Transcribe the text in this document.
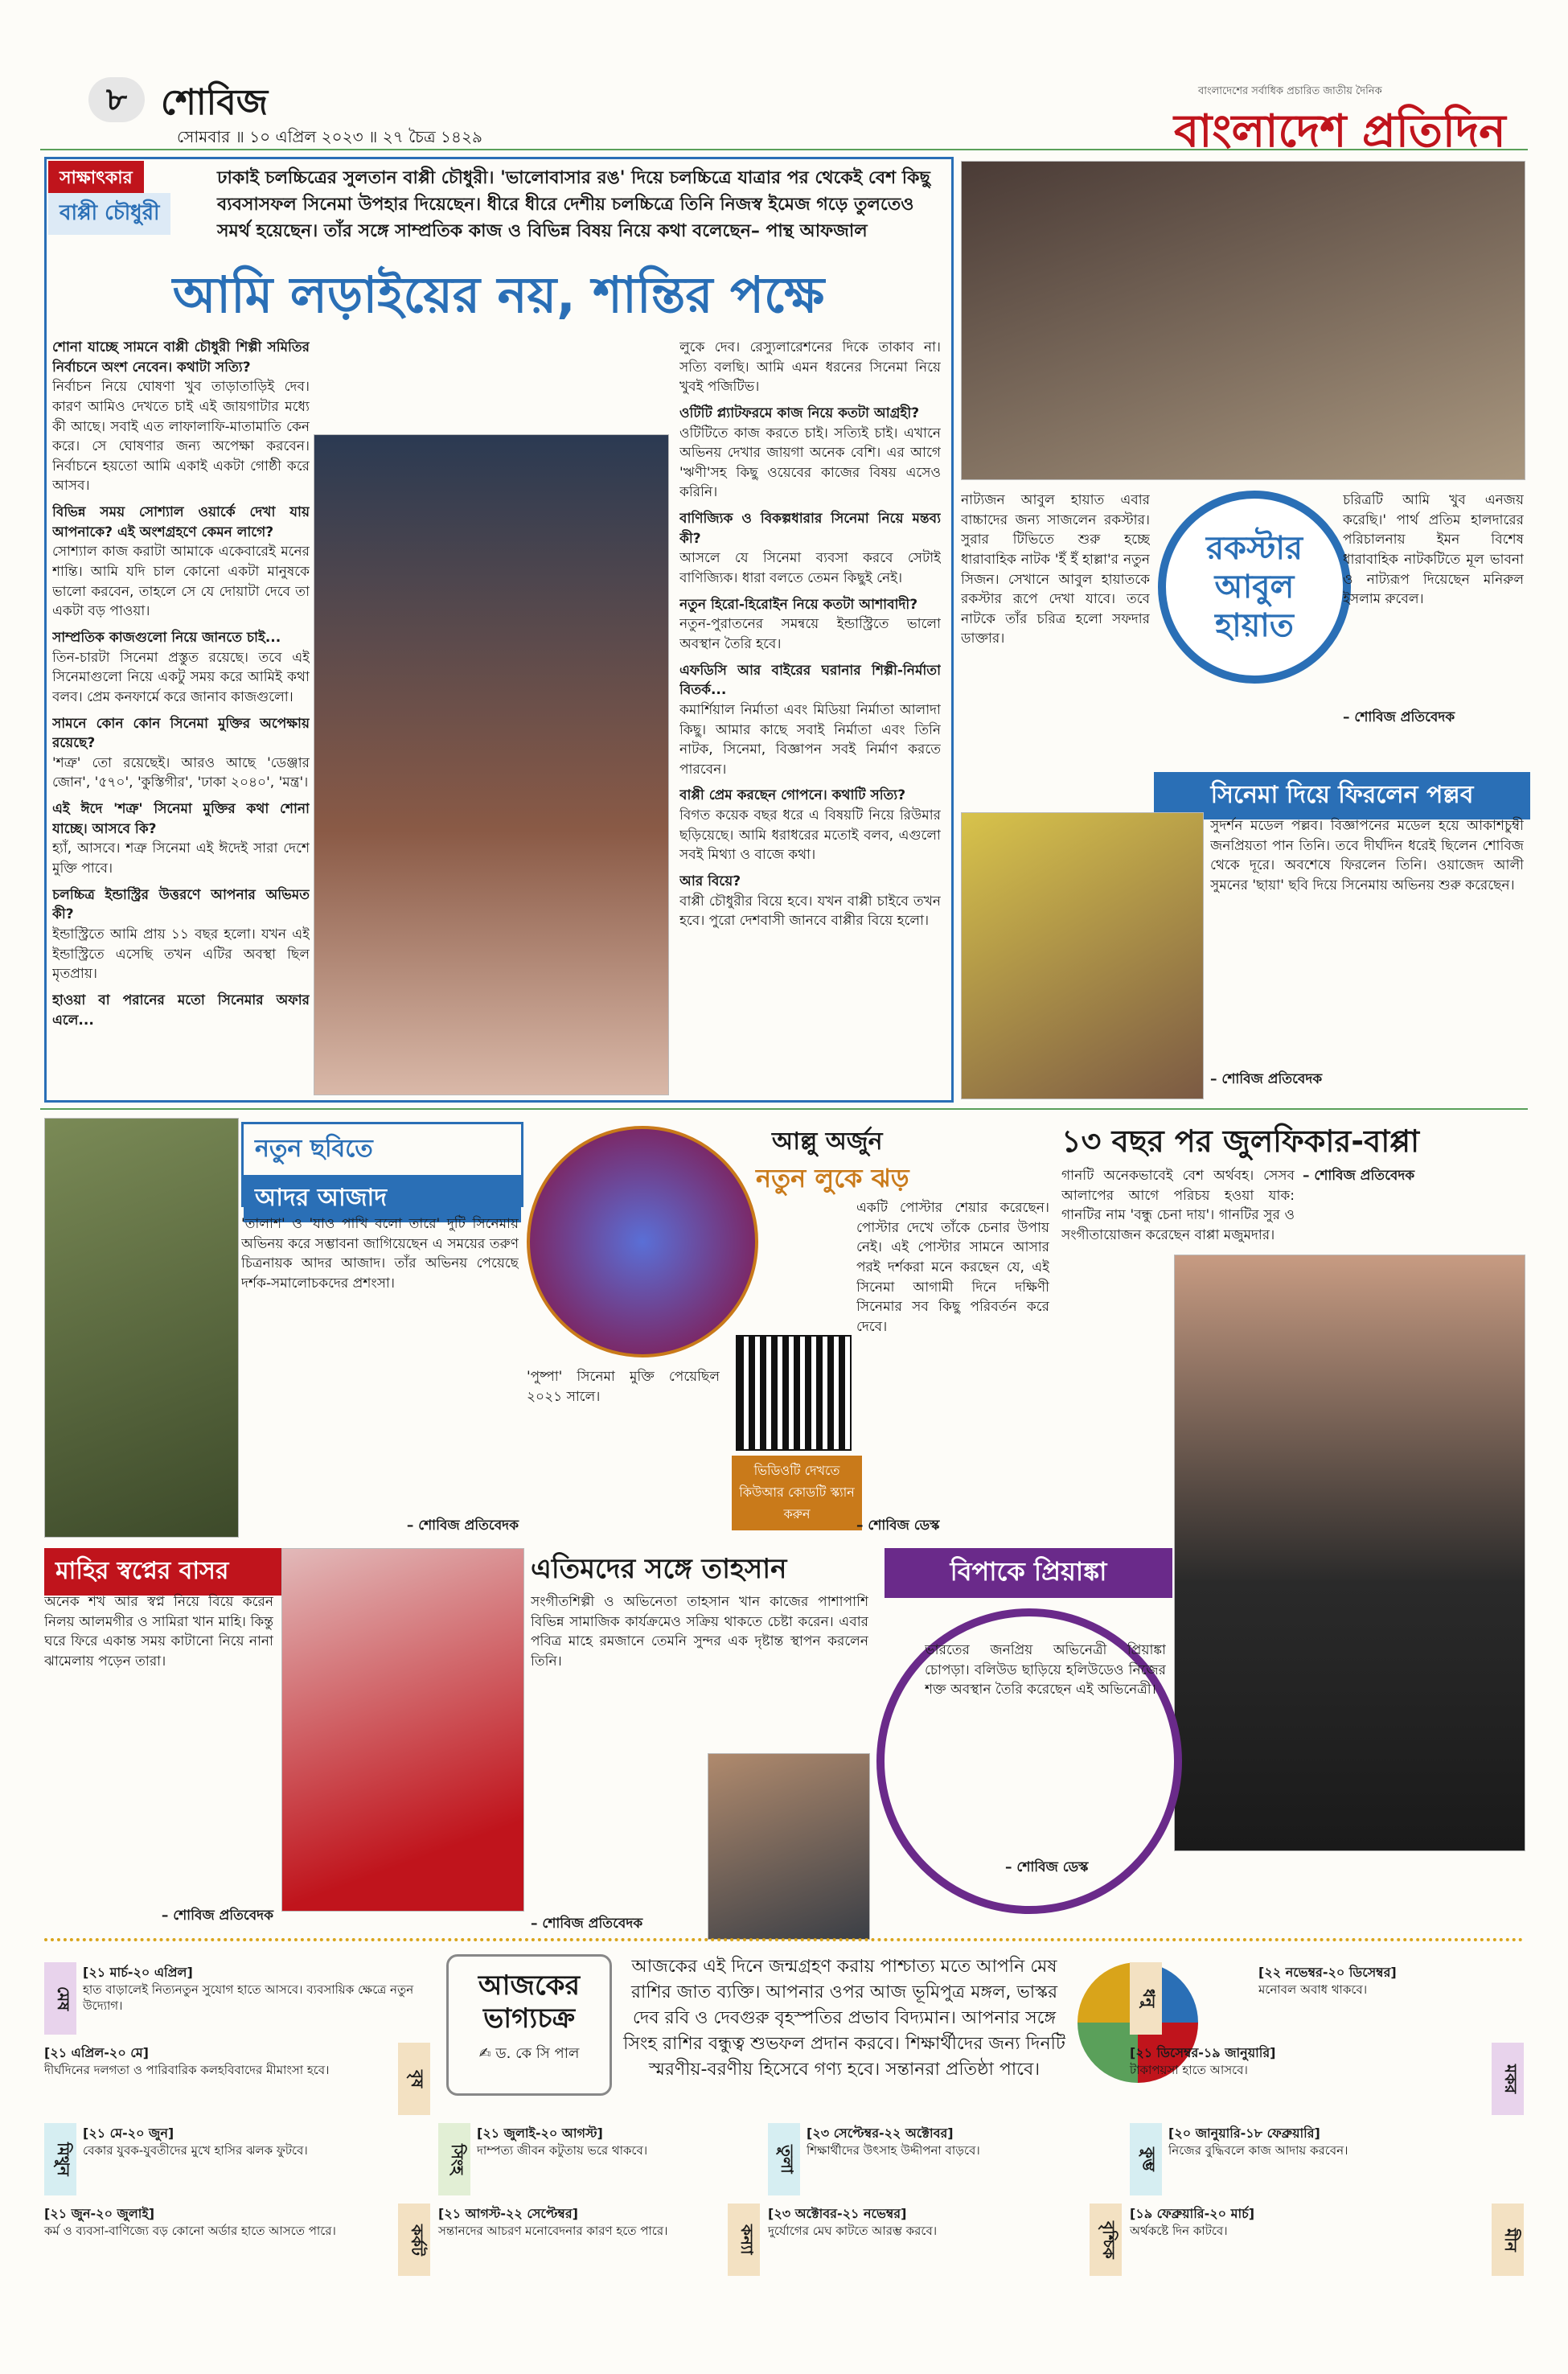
৮ শোবিজ
সোমবার ॥ ১০ এপ্রিল ২০২৩ ॥ ২৭ চৈত্র ১৪২৯
বাংলাদেশের সর্বাধিক প্রচারিত জাতীয় দৈনিক
বাংলাদেশ প্রতিদিন
সাক্ষাৎকার
বাপ্পী চৌধুরী

ঢাকাই চলচ্চিত্রের সুলতান বাপ্পী চৌধুরী। 'ভালোবাসার রঙ' দিয়ে চলচ্চিত্রে যাত্রার পর থেকেই বেশ কিছু ব্যবসাসফল সিনেমা উপহার দিয়েছেন। ধীরে ধীরে দেশীয় চলচ্চিত্রে তিনি নিজস্ব ইমেজ গড়ে তুলতেও সমর্থ হয়েছেন। তাঁর সঙ্গে সাম্প্রতিক কাজ ও বিভিন্ন বিষয় নিয়ে কথা বলেছেন– পান্থ আফজাল

আমি লড়াইয়ের নয়, শান্তির পক্ষে

শোনা যাচ্ছে সামনে বাপ্পী চৌধুরী শিল্পী সমিতির নির্বাচনে অংশ নেবেন। কথাটা সত্যি?

নির্বাচন নিয়ে ঘোষণা খুব তাড়াতাড়িই দেব। কারণ আমিও দেখতে চাই এই জায়গাটার মধ্যে কী আছে। সবাই এত লাফালাফি-মাতামাতি কেন করে। সে ঘোষণার জন্য অপেক্ষা করবেন। নির্বাচনে হয়তো আমি একাই একটা গোষ্ঠী করে আসব।

বিভিন্ন সময় সোশ্যাল ওয়ার্কে দেখা যায় আপনাকে? এই অংশগ্রহণে কেমন লাগে?

সোশ্যাল কাজ করাটা আমাকে একেবারেই মনের শান্তি। আমি যদি চাল কোনো একটা মানুষকে ভালো করবেন, তাহলে সে যে দোয়াটা দেবে তা একটা বড় পাওয়া।

সাম্প্রতিক কাজগুলো নিয়ে জানতে চাই...

তিন-চারটা সিনেমা প্রস্তুত রয়েছে। তবে এই সিনেমাগুলো নিয়ে একটু সময় করে আমিই কথা বলব। প্রেম কনফার্মে করে জানাব কাজগুলো।

সামনে কোন কোন সিনেমা মুক্তির অপেক্ষায় রয়েছে?

'শত্রু' তো রয়েছেই। আরও আছে 'ডেঞ্জার জোন', '৫৭০', 'কুস্তিগীর', 'ঢাকা ২০৪০', 'মন্ত্র'।

এই ঈদে 'শত্রু' সিনেমা মুক্তির কথা শোনা যাচ্ছে। আসবে কি?

হ্যাঁ, আসবে। শত্রু সিনেমা এই ঈদেই সারা দেশে মুক্তি পাবে।

চলচ্চিত্র ইন্ডাস্ট্রির উত্তরণে আপনার অভিমত কী?

ইন্ডাস্ট্রিতে আমি প্রায় ১১ বছর হলো। যখন এই ইন্ডাস্ট্রিতে এসেছি তখন এটির অবস্থা ছিল মৃতপ্রায়।

হাওয়া বা পরানের মতো সিনেমার অফার এলে...

লুকে দেব। রেস্যুলারেশনের দিকে তাকাব না। সত্যি বলছি। আমি এমন ধরনের সিনেমা নিয়ে খুবই পজিটিভ।

ওটিটি প্ল্যাটফরমে কাজ নিয়ে কতটা আগ্রহী?

ওটিটিতে কাজ করতে চাই। সত্যিই চাই। এখানে অভিনয় দেখার জায়গা অনেক বেশি। এর আগে 'ঋণী'সহ কিছু ওয়েবের কাজের বিষয় এসেও করিনি।

বাণিজ্যিক ও বিকল্পধারার সিনেমা নিয়ে মন্তব্য কী?

আসলে যে সিনেমা ব্যবসা করবে সেটাই বাণিজ্যিক। ধারা বলতে তেমন কিছুই নেই।

নতুন হিরো-হিরোইন নিয়ে কতটা আশাবাদী?

নতুন-পুরাতনের সমন্বয়ে ইন্ডাস্ট্রিতে ভালো অবস্থান তৈরি হবে।

এফডিসি আর বাইরের ঘরানার শিল্পী-নির্মাতা বিতর্ক...

কমার্শিয়াল নির্মাতা এবং মিডিয়া নির্মাতা আলাদা কিছু। আমার কাছে সবাই নির্মাতা এবং তিনি নাটক, সিনেমা, বিজ্ঞাপন সবই নির্মাণ করতে পারবেন।

বাপ্পী প্রেম করছেন গোপনে। কথাটি সত্যি?

বিগত কয়েক বছর ধরে এ বিষয়টি নিয়ে রিউমার ছড়িয়েছে। আমি ধরাধরের মতোই বলব, এগুলো সবই মিথ্যা ও বাজে কথা।

আর বিয়ে?

বাপ্পী চৌধুরীর বিয়ে হবে। যখন বাপ্পী চাইবে তখন হবে। পুরো দেশবাসী জানবে বাপ্পীর বিয়ে হলো।

রকস্টার আবুল হায়াত

নাট্যজন আবুল হায়াত এবার বাচ্চাদের জন্য সাজলেন রকস্টার। সুরার টিভিতে শুরু হচ্ছে ধারাবাহিক নাটক 'ইঁ ইঁ হাল্লা'র নতুন সিজন। সেখানে আবুল হায়াতকে রকস্টার রূপে দেখা যাবে। তবে নাটকে তাঁর চরিত্র হলো সফদার ডাক্তার।

চরিত্রটি আমি খুব এনজয় করেছি।' পার্থ প্রতিম হালদারের পরিচালনায় ইমন বিশেষ ধারাবাহিক নাটকটিতে মূল ভাবনা ও নাট্যরূপ দিয়েছেন মনিরুল ইসলাম রুবেল।

– শোবিজ প্রতিবেদক

সিনেমা দিয়ে ফিরলেন পল্লব

সুদর্শন মডেল পল্লব। বিজ্ঞাপনের মডেল হয়ে আকাশচুম্বী জনপ্রিয়তা পান তিনি। তবে দীর্ঘদিন ধরেই ছিলেন শোবিজ থেকে দূরে। অবশেষে ফিরলেন তিনি। ওয়াজেদ আলী সুমনের 'ছায়া' ছবি দিয়ে সিনেমায় অভিনয় শুরু করেছেন।

– শোবিজ প্রতিবেদক

নতুন ছবিতে
আদর আজাদ

'তালাশ' ও 'যাও পাখি বলো তারে' দুটি সিনেমায় অভিনয় করে সম্ভাবনা জাগিয়েছেন এ সময়ের তরুণ চিত্রনায়ক আদর আজাদ। তাঁর অভিনয় পেয়েছে দর্শক-সমালোচকদের প্রশংসা।

– শোবিজ প্রতিবেদক

আল্লু অর্জুন
নতুন লুকে ঝড়

'পুষ্পা' সিনেমা মুক্তি পেয়েছিল ২০২১ সালে।

ভিডিওটি দেখতে কিউআর কোডটি স্ক্যান করুন

একটি পোস্টার শেয়ার করেছেন। পোস্টার দেখে তাঁকে চেনার উপায় নেই। এই পোস্টার সামনে আসার পরই দর্শকরা মনে করছেন যে, এই সিনেমা আগামী দিনে দক্ষিণী সিনেমার সব কিছু পরিবর্তন করে দেবে।

– শোবিজ ডেস্ক

১৩ বছর পর জুলফিকার-বাপ্পা

গানটি অনেকভাবেই বেশ অর্থবহ। সেসব আলাপের আগে পরিচয় হওয়া যাক: গানটির নাম 'বন্ধু চেনা দায়'। গানটির সুর ও সংগীতায়োজন করেছেন বাপ্পা মজুমদার।

– শোবিজ প্রতিবেদক

মাহির স্বপ্নের বাসর

অনেক শখ আর স্বপ্ন নিয়ে বিয়ে করেন নিলয় আলমগীর ও সামিরা খান মাহি। কিন্তু ঘরে ফিরে একান্ত সময় কাটানো নিয়ে নানা ঝামেলায় পড়েন তারা।

– শোবিজ প্রতিবেদক

এতিমদের সঙ্গে তাহসান

সংগীতশিল্পী ও অভিনেতা তাহসান খান কাজের পাশাপাশি বিভিন্ন সামাজিক কার্যক্রমেও সক্রিয় থাকতে চেষ্টা করেন। এবার পবিত্র মাহে রমজানে তেমনি সুন্দর এক দৃষ্টান্ত স্থাপন করলেন তিনি।

– শোবিজ প্রতিবেদক

বিপাকে প্রিয়াঙ্কা

ভারতের জনপ্রিয় অভিনেত্রী প্রিয়াঙ্কা চোপড়া। বলিউড ছাড়িয়ে হলিউডেও নিজের শক্ত অবস্থান তৈরি করেছেন এই অভিনেত্রী।

– শোবিজ ডেস্ক

আজকের ভাগ্যচক্র
✍ ড. কে সি পাল

আজকের এই দিনে জন্মগ্রহণ করায় পাশ্চাত্য মতে আপনি মেষ রাশির জাত ব্যক্তি। আপনার ওপর আজ ভূমিপুত্র মঙ্গল, ভাস্কর দেব রবি ও দেবগুরু বৃহস্পতির প্রভাব বিদ্যমান। আপনার সঙ্গে সিংহ রাশির বন্ধুত্ব শুভফল প্রদান করবে। শিক্ষার্থীদের জন্য দিনটি স্মরণীয়-বরণীয় হিসেবে গণ্য হবে। সন্তানরা প্রতিষ্ঠা পাবে।

মেষ
[২১ মার্চ-২০ এপ্রিল]
হাত বাড়ালেই নিত্যনতুন সুযোগ হাতে আসবে। ব্যবসায়িক ক্ষেত্রে নতুন উদ্যোগ।
বৃষ
[২১ এপ্রিল-২০ মে]
দীর্ঘদিনের দলগতা ও পারিবারিক কলহবিবাদের মীমাংসা হবে।
মিথুন
[২১ মে-২০ জুন]
বেকার যুবক-যুবতীদের মুখে হাসির ঝলক ফুটবে।
কর্কট
[২১ জুন-২০ জুলাই]
কর্ম ও ব্যবসা-বাণিজ্যে বড় কোনো অর্ডার হাতে আসতে পারে।
সিংহ
[২১ জুলাই-২০ আগস্ট]
দাম্পত্য জীবন কটুতায় ভরে থাকবে।
কন্যা
[২১ আগস্ট-২২ সেপ্টেম্বর]
সন্তানদের আচরণ মনোবেদনার কারণ হতে পারে।
তুলা
[২৩ সেপ্টেম্বর-২২ অক্টোবর]
শিক্ষার্থীদের উৎসাহ উদ্দীপনা বাড়বে।
বৃশ্চিক
[২৩ অক্টোবর-২১ নভেম্বর]
দুর্যোগের মেঘ কাটতে আরম্ভ করবে।
ধনু
[২২ নভেম্বর-২০ ডিসেম্বর]
মনোবল অবাধ থাকবে।
মকর
[২১ ডিসেম্বর-১৯ জানুয়ারি]
টাকাপয়সা হাতে আসবে।
কুম্ভ
[২০ জানুয়ারি-১৮ ফেব্রুয়ারি]
নিজের বুদ্ধিবলে কাজ আদায় করবেন।
মীন
[১৯ ফেব্রুয়ারি-২০ মার্চ]
অর্থকষ্টে দিন কাটবে।
